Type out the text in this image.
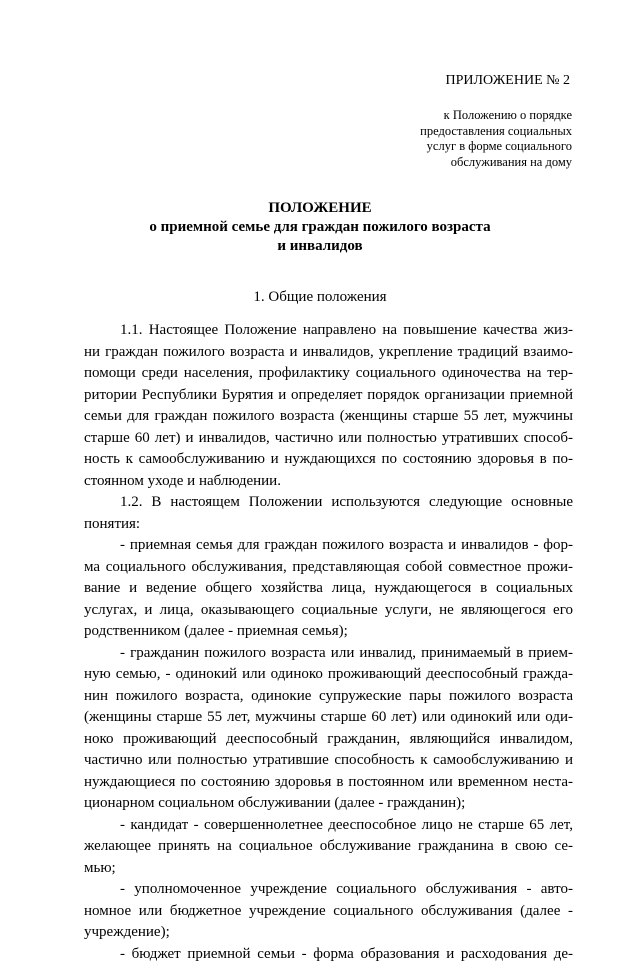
ПРИЛОЖЕНИЕ № 2
к Положению о порядке
предоставления социальных
услуг в форме социального
обслуживания на дому
ПОЛОЖЕНИЕ
о приемной семье для граждан пожилого возраста
и инвалидов
1. Общие положения
1.1. Настоящее Положение направлено на повышение качества жиз-
ни граждан пожилого возраста и инвалидов, укрепление традиций взаимо-
помощи среди населения, профилактику социального одиночества на тер-
ритории Республики Бурятия и определяет порядок организации приемной
семьи для граждан пожилого возраста (женщины старше 55 лет, мужчины
старше 60 лет) и инвалидов, частично или полностью утративших способ-
ность к самообслуживанию и нуждающихся по состоянию здоровья в по-
стоянном уходе и наблюдении.
1.2. В настоящем Положении используются следующие основные
понятия:
- приемная семья для граждан пожилого возраста и инвалидов - фор-
ма социального обслуживания, представляющая собой совместное прожи-
вание и ведение общего хозяйства лица, нуждающегося в социальных
услугах, и лица, оказывающего социальные услуги, не являющегося его
родственником (далее - приемная семья);
- гражданин пожилого возраста или инвалид, принимаемый в прием-
ную семью, - одинокий или одиноко проживающий дееспособный гражда-
нин пожилого возраста, одинокие супружеские пары пожилого возраста
(женщины старше 55 лет, мужчины старше 60 лет) или одинокий или оди-
ноко проживающий дееспособный гражданин, являющийся инвалидом,
частично или полностью утратившие способность к самообслуживанию и
нуждающиеся по состоянию здоровья в постоянном или временном неста-
ционарном социальном обслуживании (далее - гражданин);
- кандидат - совершеннолетнее дееспособное лицо не старше 65 лет,
желающее принять на социальное обслуживание гражданина в свою се-
мью;
- уполномоченное учреждение социального обслуживания - авто-
номное или бюджетное учреждение социального обслуживания (далее -
учреждение);
- бюджет приемной семьи - форма образования и расходования де-
